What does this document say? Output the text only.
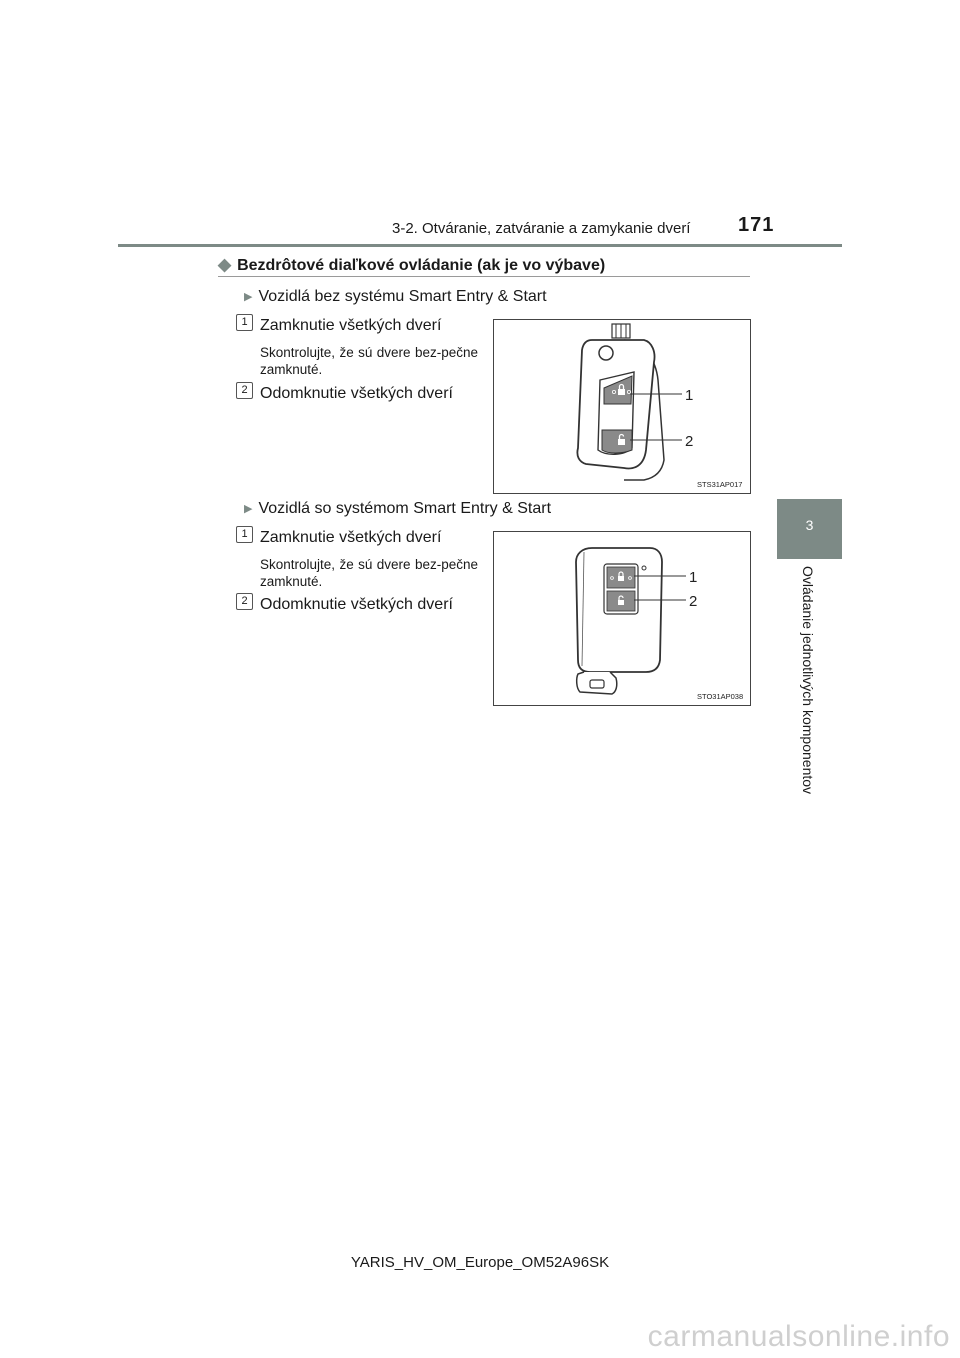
3-2. Otváranie, zatváranie a zamykanie dverí 171
3
Ovládanie jednotlivých komponentov
◆ Bezdrôtové diaľkové ovládanie (ak je vo výbave)
▶ Vozidlá bez systému Smart Entry & Start
1 Zamknutie všetkých dverí
Skontrolujte, že sú dvere bez-pečne zamknuté.
2 Odomknutie všetkých dverí	1
2
STS31AP017
▶ Vozidlá so systémom Smart Entry & Start
1 Zamknutie všetkých dverí
Skontrolujte, že sú dvere bez-pečne zamknuté.
2 Odomknutie všetkých dverí
1
2
STO31AP038
YARIS_HV_OM_Europe_OM52A96SK
carmanualsonline.info
